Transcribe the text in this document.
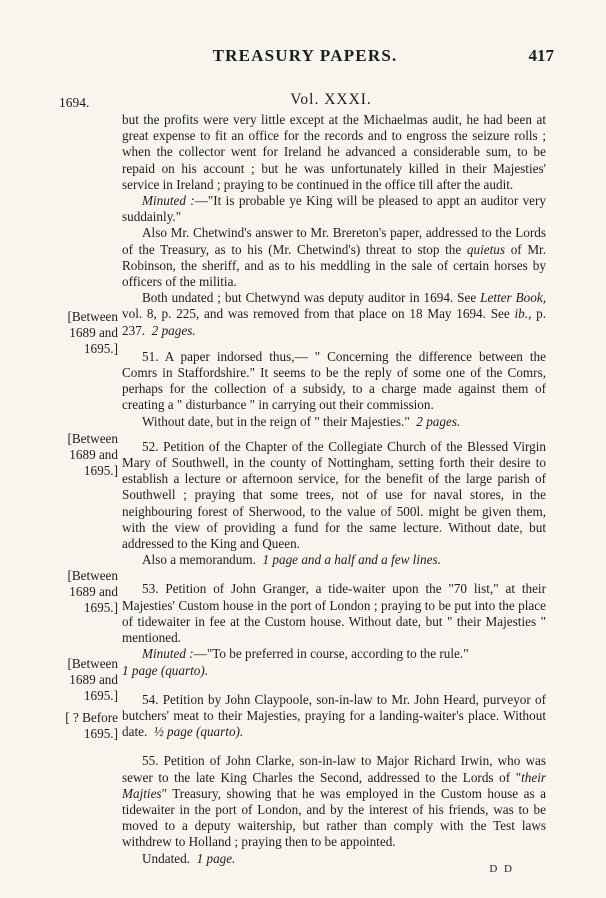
TREASURY PAPERS.	417
1694.	Vol. XXXI.
[Between 1689 and 1695.]
[Between 1689 and 1695.]
[Between 1689 and 1695.]
[Between 1689 and 1695.]
[ ? Before 1695.]

but the profits were very little except at the Michaelmas audit, he had been at great expense to fit an office for the records and to engross the seizure rolls ; when the collector went for Ireland he advanced a considerable sum, to be repaid on his account ; but he was unfortunately killed in their Majesties' service in Ireland ; praying to be continued in the office till after the audit.

Minuted :—"It is probable ye King will be pleased to appt an auditor very suddainly."

Also Mr. Chetwind's answer to Mr. Brereton's paper, addressed to the Lords of the Treasury, as to his (Mr. Chetwind's) threat to stop the quietus of Mr. Robinson, the sheriff, and as to his meddling in the sale of certain horses by officers of the militia.

Both undated ; but Chetwynd was deputy auditor in 1694. See Letter Book, vol. 8, p. 225, and was removed from that place on 18 May 1694. See ib., p. 237. 2 pages.

51. A paper indorsed thus,— " Concerning the difference between the Comrs in Staffordshire." It seems to be the reply of some one of the Comrs, perhaps for the collection of a subsidy, to a charge made against them of creating a " disturbance " in carrying out their commission.

Without date, but in the reign of " their Majesties." 2 pages.

52. Petition of the Chapter of the Collegiate Church of the Blessed Virgin Mary of Southwell, in the county of Nottingham, setting forth their desire to establish a lecture or afternoon service, for the benefit of the large parish of Southwell ; praying that some trees, not of use for naval stores, in the neighbouring forest of Sherwood, to the value of 500l. might be given them, with the view of providing a fund for the same lecture. Without date, but addressed to the King and Queen.

Also a memorandum. 1 page and a half and a few lines.

53. Petition of John Granger, a tide-waiter upon the "70 list," at their Majesties' Custom house in the port of London ; praying to be put into the place of tidewaiter in fee at the Custom house. Without date, but " their Majesties " mentioned.

Minuted :—"To be preferred in course, according to the rule."

1 page (quarto).

54. Petition by John Claypoole, son-in-law to Mr. John Heard, purveyor of butchers' meat to their Majesties, praying for a landing-waiter's place. Without date. ½ page (quarto).

55. Petition of John Clarke, son-in-law to Major Richard Irwin, who was sewer to the late King Charles the Second, addressed to the Lords of "their Majties" Treasury, showing that he was employed in the Custom house as a tidewaiter in the port of London, and by the interest of his friends, was to be moved to a deputy waitership, but rather than comply with the Test laws withdrew to Holland ; praying then to be appointed.

Undated. 1 page.

D D
